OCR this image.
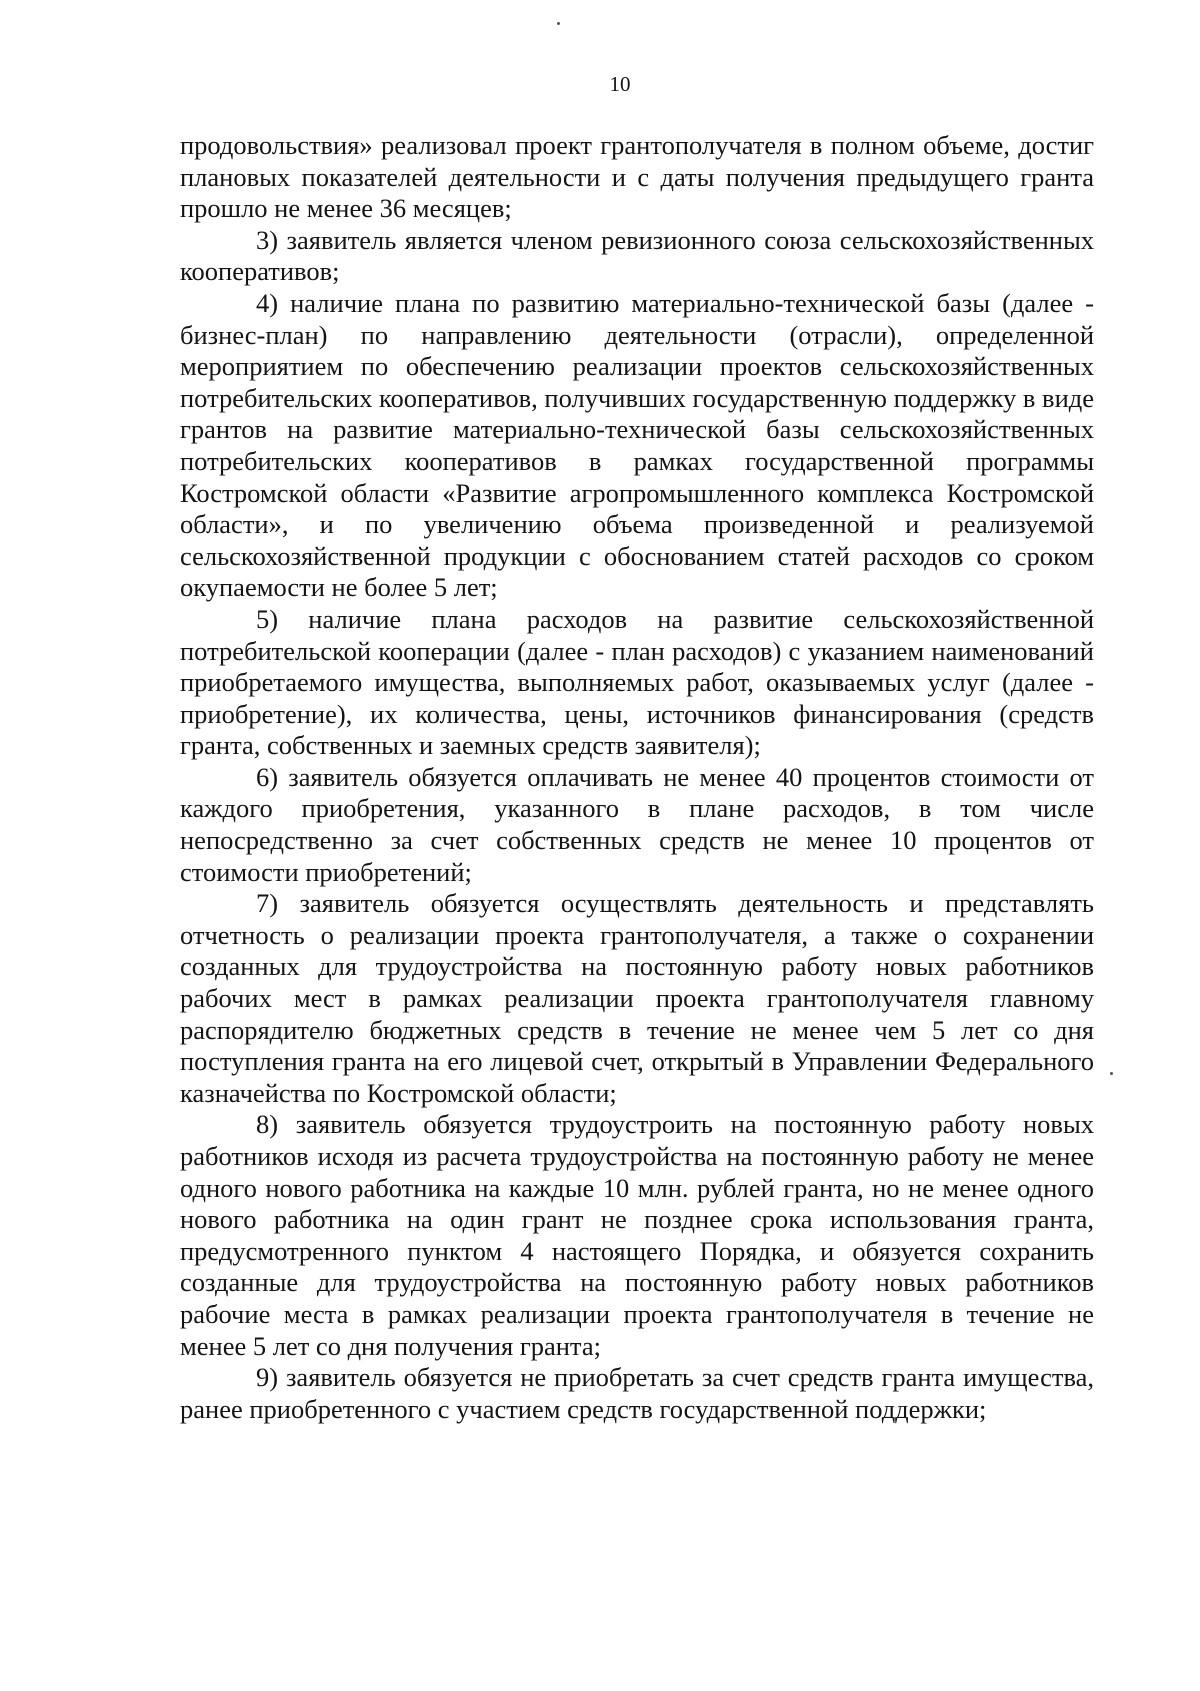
10

продовольствия» реализовал проект грантополучателя в полном объеме, достиг плановых показателей деятельности и с даты получения предыдущего гранта прошло не менее 36 месяцев;

3) заявитель является членом ревизионного союза сельскохозяйственных кооперативов;

4) наличие плана по развитию материально-технической базы (далее - бизнес-план) по направлению деятельности (отрасли), определенной мероприятием по обеспечению реализации проектов сельскохозяйственных потребительских кооперативов, получивших государственную поддержку в виде грантов на развитие материально-технической базы сельскохозяйственных потребительских кооперативов в рамках государственной программы Костромской области «Развитие агропромышленного комплекса Костромской области», и по увеличению объема произведенной и реализуемой сельскохозяйственной продукции с обоснованием статей расходов со сроком окупаемости не более 5 лет;

5) наличие плана расходов на развитие сельскохозяйственной потребительской кооперации (далее - план расходов) с указанием наименований приобретаемого имущества, выполняемых работ, оказываемых услуг (далее - приобретение), их количества, цены, источников финансирования (средств гранта, собственных и заемных средств заявителя);

6) заявитель обязуется оплачивать не менее 40 процентов стоимости от каждого приобретения, указанного в плане расходов, в том числе непосредственно за счет собственных средств не менее 10 процентов от стоимости приобретений;

7) заявитель обязуется осуществлять деятельность и представлять отчетность о реализации проекта грантополучателя, а также о сохранении созданных для трудоустройства на постоянную работу новых работников рабочих мест в рамках реализации проекта грантополучателя главному распорядителю бюджетных средств в течение не менее чем 5 лет со дня поступления гранта на его лицевой счет, открытый в Управлении Федерального казначейства по Костромской области;

8) заявитель обязуется трудоустроить на постоянную работу новых работников исходя из расчета трудоустройства на постоянную работу не менее одного нового работника на каждые 10 млн. рублей гранта, но не менее одного нового работника на один грант не позднее срока использования гранта, предусмотренного пунктом 4 настоящего Порядка, и обязуется сохранить созданные для трудоустройства на постоянную работу новых работников рабочие места в рамках реализации проекта грантополучателя в течение не менее 5 лет со дня получения гранта;

9) заявитель обязуется не приобретать за счет средств гранта имущества, ранее приобретенного с участием средств государственной поддержки;
